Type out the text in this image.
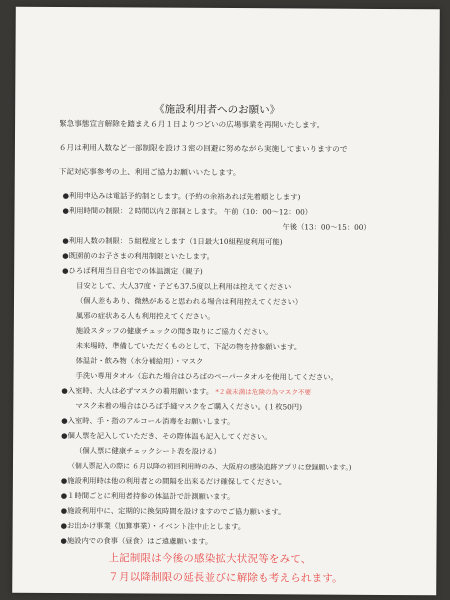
《施設利用者へのお願い》
緊急事態宣言解除を踏まえ６月１日よりつどいの広場事業を再開いたします。
６月は利用人数など一部制限を設け３密の回避に努めながら実施してまいりますので
下記対応事参考の上、利用ご協力お願いいたします。
●利用申込みは電話予約制とします。(予約の余裕あれば先着順とします)
●利用時間の制限：２時間以内２部制とします。 午前（10：00～12：00）
午後（13：00～15：00）
●利用人数の制限：５組程度とします（1日最大10組程度利用可能)
●既園前のお子さまの利用制限といたします。
●ひろば利用当日自宅での体温測定（親子)
目安として、大人37度・子ども37.5度以上利用は控えてください
（個人差もあり、微熱があると思われる場合は利用控えてください）
風邪の症状ある人も利用控えてください。
施設スタッフの健康チェックの聞き取りにご協力ください。
未来場時、準備していただくものとして、下記の物を持参願います。
体温計・飲み物（水分補給用）・マスク
手洗い専用タオル（忘れた場合はひろばのペーパータオルを使用してください。
●入室時、大人は必ずマスクの着用願います。 *２歳未満は危険の為マスク不要
マスク未着の場合はひろば手縫マスクをご購入ください。(１枚50円)
●入室時、手・指のアルコール消毒をお願いします。
●個人票を記入していただき、その際体温も記入してください。
（個人票に健康チェックシート表を設ける）
（個人票記入の際に ６月以降の初回利用時のみ、大阪府の感染追跡アプリに登録願います。)
●施設利用時は他の利用者との間隔を出来るだけ確保してください。
●１時間ごとに利用者持参の体温計で計測願います。
●施設利用中に、定期的に換気時間を設けますのでご協力願います。
●お出かけ事業（加算事業）・イベント注中止とします。
●施設内での食事（昼食）はご遠慮願います。
上記制限は今後の感染拡大状況等をみて、
７月以降制限の延長並びに解除も考えられます。
